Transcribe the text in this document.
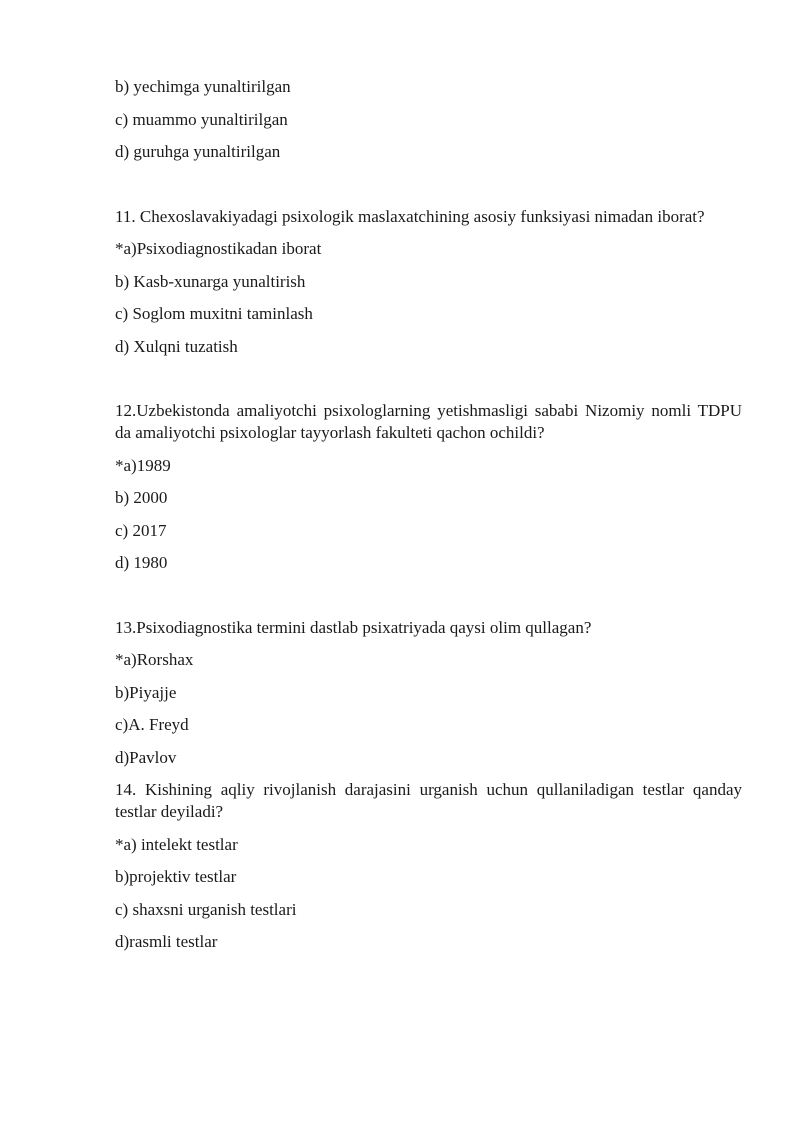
b) yechimga yunaltirilgan

c) muammo yunaltirilgan

d) guruhga yunaltirilgan

11. Chexoslavakiyadagi psixologik maslaxatchining asosiy funksiyasi nimadan iborat?

*a)Psixodiagnostikadan iborat

b) Kasb-xunarga yunaltirish

c) Soglom muxitni taminlash

d) Xulqni tuzatish

12.Uzbekistonda amaliyotchi psixologlarning yetishmasligi sababi Nizomiy nomli TDPU da amaliyotchi psixologlar tayyorlash fakulteti qachon ochildi?

*a)1989

b) 2000

c) 2017

d) 1980

13.Psixodiagnostika termini dastlab psixatriyada qaysi olim qullagan?

*a)Rorshax

b)Piyajje

c)A. Freyd

d)Pavlov

14. Kishining aqliy rivojlanish darajasini urganish uchun qullaniladigan testlar qanday testlar deyiladi?

*a) intelekt testlar

b)projektiv testlar

c) shaxsni urganish testlari

d)rasmli testlar
